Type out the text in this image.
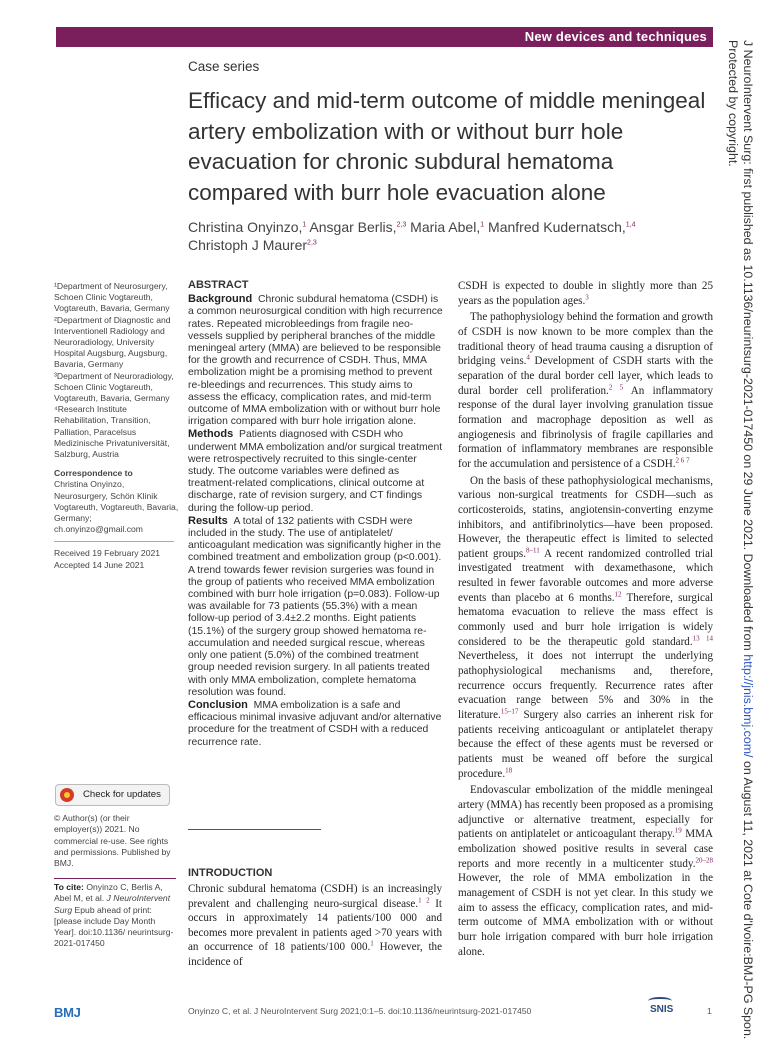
New devices and techniques
Case series
Efficacy and mid-term outcome of middle meningeal artery embolization with or without burr hole evacuation for chronic subdural hematoma compared with burr hole evacuation alone
Christina Onyinzo,$^1$ Ansgar Berlis,$^{2,3}$ Maria Abel,$^1$ Manfred Kudernatsch,$^{1,4}$
Christoph J Maurer$^{2,3}$

¹Department of Neurosurgery, Schoen Clinic Vogtareuth, Vogtareuth, Bavaria, Germany

²Department of Diagnostic and Interventionell Radiology and Neuroradiology, University Hospital Augsburg, Augsburg, Bavaria, Germany

³Department of Neuroradiology, Schoen Clinic Vogtareuth, Vogtareuth, Bavaria, Germany

⁴Research Institute Rehabilitation, Transition, Palliation, Paracelsus Medizinische Privatuniversität, Salzburg, Austria

Correspondence to

Christina Onyinzo, Neurosurgery, Schön Klinik Vogtareuth, Vogtareuth, Bavaria, Germany; ch.onyinzo@gmail.com

Received 19 February 2021

Accepted 14 June 2021

Check for updates
© Author(s) (or their employer(s)) 2021. No commercial re-use. See rights and permissions. Published by BMJ.
To cite: Onyinzo C, Berlis A, Abel M, et al. J NeuroIntervent Surg Epub ahead of print: [please include Day Month Year]. doi:10.1136/ neurintsurg-2021-017450

ABSTRACT

Background Chronic subdural hematoma (CSDH) is a common neurosurgical condition with high recurrence rates. Repeated microbleedings from fragile neo-vessels supplied by peripheral branches of the middle meningeal artery (MMA) are believed to be responsible for the growth and recurrence of CSDH. Thus, MMA embolization might be a promising method to prevent re-bleedings and recurrences. This study aims to assess the efficacy, complication rates, and mid-term outcome of MMA embolization with or without burr hole irrigation compared with burr hole irrigation alone.

Methods Patients diagnosed with CSDH who underwent MMA embolization and/or surgical treatment were retrospectively recruited to this single-center study. The outcome variables were defined as treatment-related complications, clinical outcome at discharge, rate of revision surgery, and CT findings during the follow-up period.

Results A total of 132 patients with CSDH were included in the study. The use of antiplatelet/ anticoagulant medication was significantly higher in the combined treatment and embolization group (p<0.001). A trend towards fewer revision surgeries was found in the group of patients who received MMA embolization combined with burr hole irrigation (p=0.083). Follow-up was available for 73 patients (55.3%) with a mean follow-up period of 3.4±2.2 months. Eight patients (15.1%) of the surgery group showed hematoma re-accumulation and needed surgical rescue, whereas only one patient (5.0%) of the combined treatment group needed revision surgery. In all patients treated with only MMA embolization, complete hematoma resolution was found.

Conclusion MMA embolization is a safe and efficacious minimal invasive adjuvant and/or alternative procedure for the treatment of CSDH with a reduced recurrence rate.

INTRODUCTION

Chronic subdural hematoma (CSDH) is an increasingly prevalent and challenging neuro-surgical disease.$^{1 2}$ It occurs in approximately 14 patients/100 000 and becomes more prevalent in patients aged >70 years with an occurrence of 18 patients/100 000.$^1$ However, the incidence of

CSDH is expected to double in slightly more than 25 years as the population ages.$^3$

The pathophysiology behind the formation and growth of CSDH is now known to be more complex than the traditional theory of head trauma causing a disruption of bridging veins.$^4$ Development of CSDH starts with the separation of the dural border cell layer, which leads to dural border cell proliferation.$^{2 5}$ An inflammatory response of the dural layer involving granulation tissue formation and macrophage deposition as well as angiogenesis and fibrinolysis of fragile capillaries and formation of inflammatory membranes are responsible for the accumulation and persistence of a CSDH.$^{2 6 7}$

On the basis of these pathophysiological mechanisms, various non-surgical treatments for CSDH—such as corticosteroids, statins, angiotensin-converting enzyme inhibitors, and antifibrinolytics—have been proposed. However, the therapeutic effect is limited to selected patient groups.$^{8-11}$ A recent randomized controlled trial investigated treatment with dexamethasone, which resulted in fewer favorable outcomes and more adverse events than placebo at 6 months.$^{12}$ Therefore, surgical hematoma evacuation to relieve the mass effect is commonly used and burr hole irrigation is widely considered to be the therapeutic gold standard.$^{13 14}$ Nevertheless, it does not interrupt the underlying pathophysiological mechanisms and, therefore, recurrence occurs frequently. Recurrence rates after evacuation range between 5% and 30% in the literature.$^{15-17}$ Surgery also carries an inherent risk for patients receiving anticoagulant or antiplatelet therapy because the effect of these agents must be reversed or patients must be weaned off before the surgical procedure.$^{18}$

Endovascular embolization of the middle meningeal artery (MMA) has recently been proposed as a promising adjunctive or alternative treatment, especially for patients on antiplatelet or anticoagulant therapy.$^{19}$ MMA embolization showed positive results in several case reports and more recently in a multicenter study.$^{20-28}$ However, the role of MMA embolization in the management of CSDH is not yet clear. In this study we aim to assess the efficacy, complication rates, and mid-term outcome of MMA embolization with or without burr hole irrigation compared with burr hole irrigation alone.

BMJ	Onyinzo C, et al. J NeuroIntervent Surg 2021;0:1–5. doi:10.1136/neurintsurg-2021-017450	SNIS	1
J NeuroIntervent Surg: first published as 10.1136/neurintsurg-2021-017450 on 29 June 2021. Downloaded from http://jnis.bmj.com/ on August 11, 2021 at Cote d'Ivoire:BMJ-PG Spon.
Protected by copyright.
